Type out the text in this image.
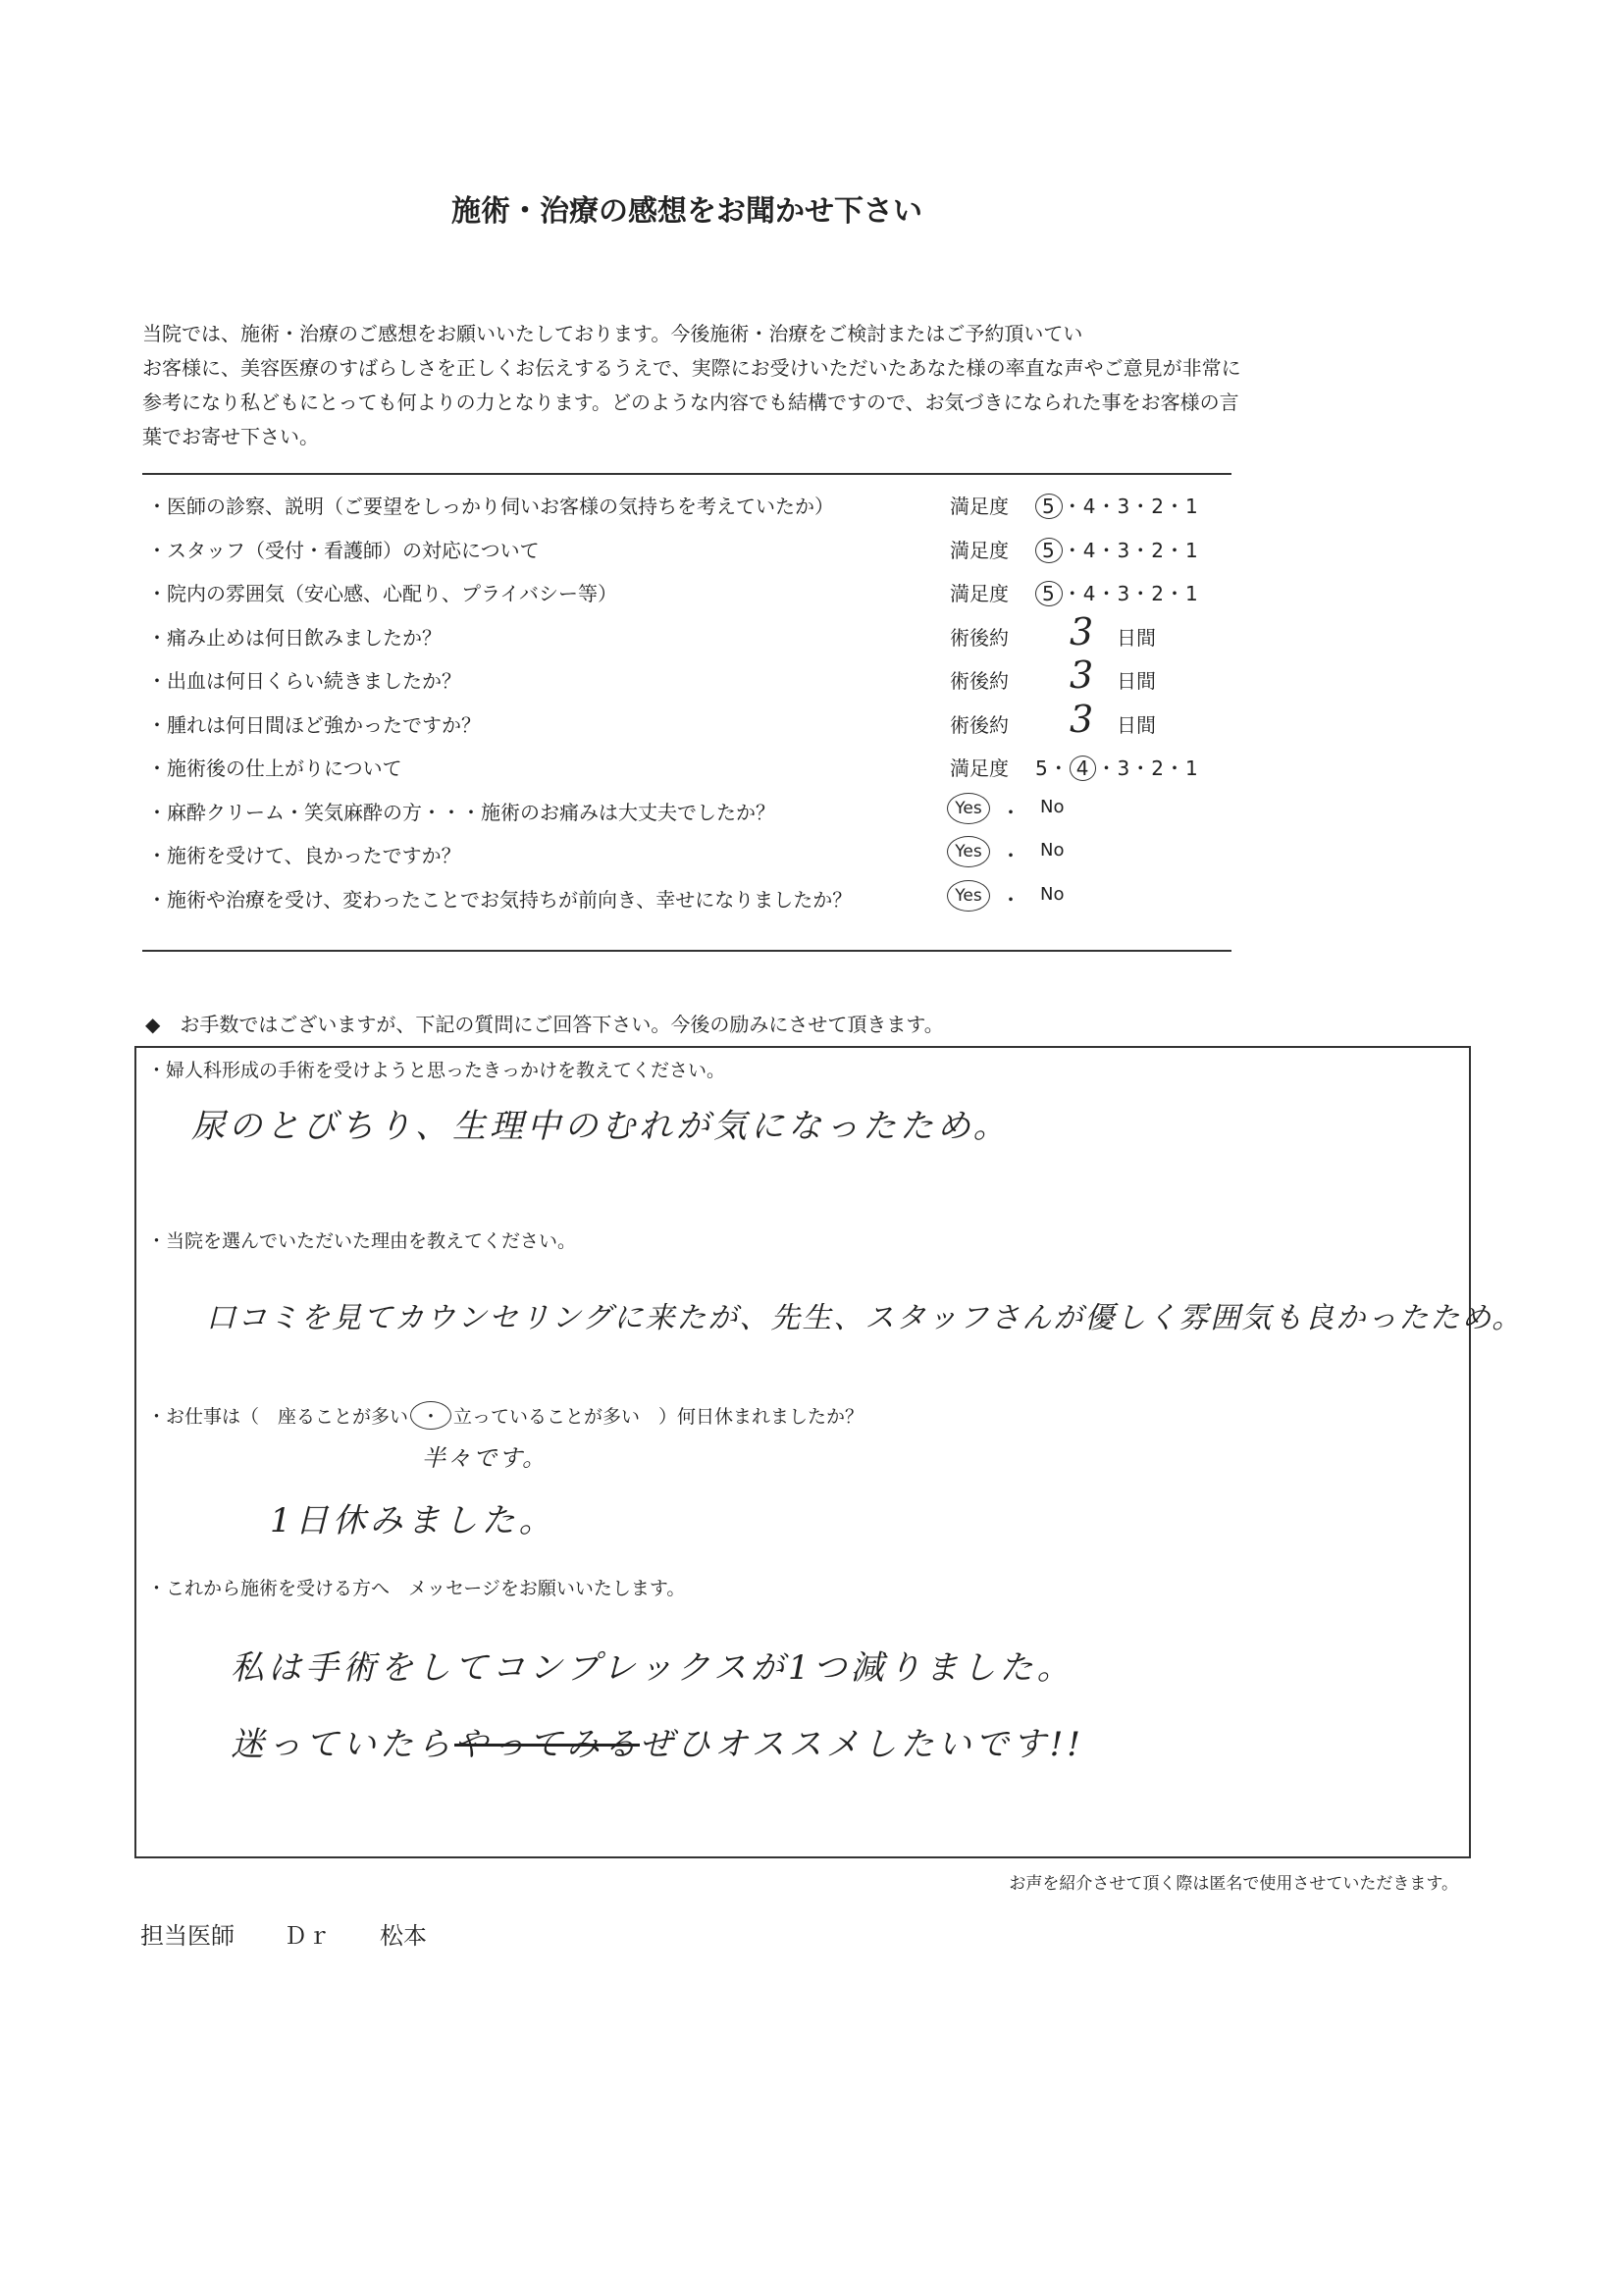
施術・治療の感想をお聞かせ下さい
当院では、施術・治療のご感想をお願いいたしております。今後施術・治療をご検討またはご予約頂いてい
お客様に、美容医療のすばらしさを正しくお伝えするうえで、実際にお受けいただいたあなた様の率直な声やご意見が非常に参考になり私どもにとっても何よりの力となります。どのような内容でも結構ですので、お気づきになられた事をお客様の言葉でお寄せ下さい。
・医師の診察、説明（ご要望をしっかり伺いお客様の気持ちを考えていたか）	満足度	5 ・4・3・2・1
・スタッフ（受付・看護師）の対応について	満足度	5 ・4・3・2・1
・院内の雰囲気（安心感、心配り、プライバシー等）	満足度	5 ・4・3・2・1
・痛み止めは何日飲みましたか？	術後約 3 日間
・出血は何日くらい続きましたか？	術後約 3 日間
・腫れは何日間ほど強かったですか？	術後約 3 日間
・施術後の仕上がりについて	満足度 5・ 4 ・3・2・1
・麻酔クリーム・笑気麻酔の方・・・施術のお痛みは大丈夫でしたか？	Yes ・ No
・施術を受けて、良かったですか？	Yes ・ No
・施術や治療を受け、変わったことでお気持ちが前向き、幸せになりましたか？	Yes ・ No
◆　お手数ではございますが、下記の質問にご回答下さい。今後の励みにさせて頂きます。
・婦人科形成の手術を受けようと思ったきっかけを教えてください。
尿のとびちり、生理中のむれが気になったため。
・当院を選んでいただいた理由を教えてください。
口コミを見てカウンセリングに来たが、先生、スタッフさんが優しく雰囲気も良かったため。
・お仕事は（　座ることが多い ・ 立っていることが多い　）何日休まれましたか？
半々です。
1日休みました。
・これから施術を受ける方へ　メッセージをお願いいたします。
私は手術をしてコンプレックスが1つ減りました。
迷っていたらやってみるぜひオススメしたいです!!
お声を紹介させて頂く際は匿名で使用させていただきます。
担当医師 Ｄｒ 松本
